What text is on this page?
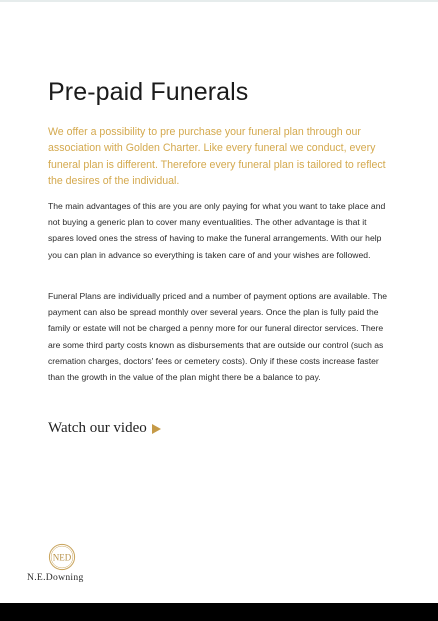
Pre-paid Funerals

We offer a possibility to pre purchase your funeral plan through our association with Golden Charter. Like every funeral we conduct, every funeral plan is different. Therefore every funeral plan is tailored to reflect the desires of the individual.

The main advantages of this are you are only paying for what you want to take place and not buying a generic plan to cover many eventualities. The other advantage is that it spares loved ones the stress of having to make the funeral arrangements. With our help you can plan in advance so everything is taken care of and your wishes are followed.

Funeral Plans are individually priced and a number of payment options are available. The payment can also be spread monthly over several years. Once the plan is fully paid the family or estate will not be charged a penny more for our funeral director services. There are some third party costs known as disbursements that are outside our control (such as cremation charges, doctors' fees or cemetery costs). Only if these costs increase faster than the growth in the value of the plan might there be a balance to pay.

Watch our video
NED
N.E.Downing
